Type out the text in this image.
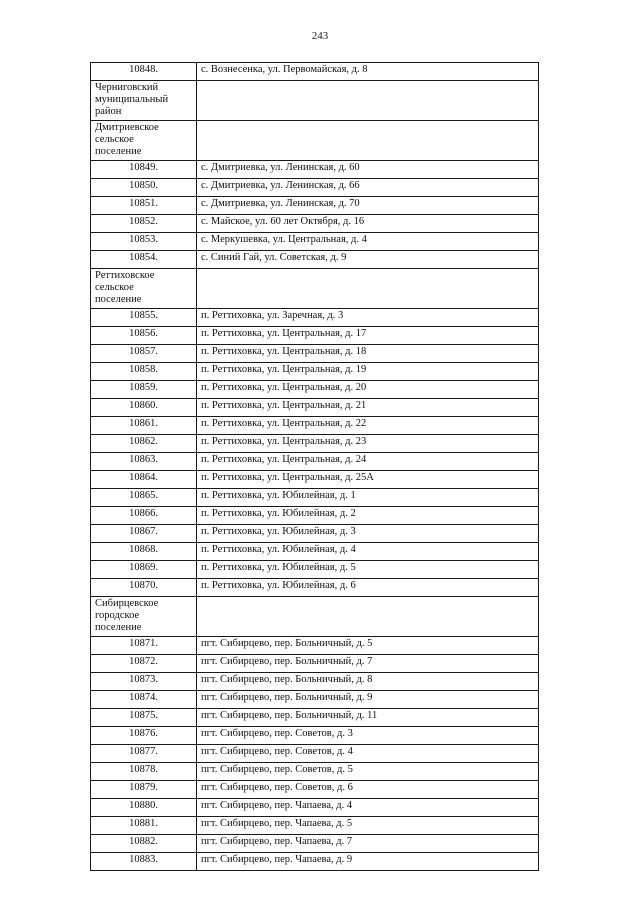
243
10848.	с. Вознесенка, ул. Первомайская, д. 8
Черниговский
муниципальный
район	
Дмитриевское
сельское
поселение	
10849.	с. Дмитриевка, ул. Ленинская, д. 60
10850.	с. Дмитриевка, ул. Ленинская, д. 66
10851.	с. Дмитриевка, ул. Ленинская, д. 70
10852.	с. Майское, ул. 60 лет Октября, д. 16
10853.	с. Меркушевка, ул. Центральная, д. 4
10854.	с. Синий Гай, ул. Советская, д. 9
Реттиховское
сельское
поселение	
10855.	п. Реттиховка, ул. Заречная, д. 3
10856.	п. Реттиховка, ул. Центральная, д. 17
10857.	п. Реттиховка, ул. Центральная, д. 18
10858.	п. Реттиховка, ул. Центральная, д. 19
10859.	п. Реттиховка, ул. Центральная, д. 20
10860.	п. Реттиховка, ул. Центральная, д. 21
10861.	п. Реттиховка, ул. Центральная, д. 22
10862.	п. Реттиховка, ул. Центральная, д. 23
10863.	п. Реттиховка, ул. Центральная, д. 24
10864.	п. Реттиховка, ул. Центральная, д. 25А
10865.	п. Реттиховка, ул. Юбилейная, д. 1
10866.	п. Реттиховка, ул. Юбилейная, д. 2
10867.	п. Реттиховка, ул. Юбилейная, д. 3
10868.	п. Реттиховка, ул. Юбилейная, д. 4
10869.	п. Реттиховка, ул. Юбилейная, д. 5
10870.	п. Реттиховка, ул. Юбилейная, д. 6
Сибирцевское
городское
поселение	
10871.	пгт. Сибирцево, пер. Больничный, д. 5
10872.	пгт. Сибирцево, пер. Больничный, д. 7
10873.	пгт. Сибирцево, пер. Больничный, д. 8
10874.	пгт. Сибирцево, пер. Больничный, д. 9
10875.	пгт. Сибирцево, пер. Больничный, д. 11
10876.	пгт. Сибирцево, пер. Советов, д. 3
10877.	пгт. Сибирцево, пер. Советов, д. 4
10878.	пгт. Сибирцево, пер. Советов, д. 5
10879.	пгт. Сибирцево, пер. Советов, д. 6
10880.	пгт. Сибирцево, пер. Чапаева, д. 4
10881.	пгт. Сибирцево, пер. Чапаева, д. 5
10882.	пгт. Сибирцево, пер. Чапаева, д. 7
10883.	пгт. Сибирцево, пер. Чапаева, д. 9
